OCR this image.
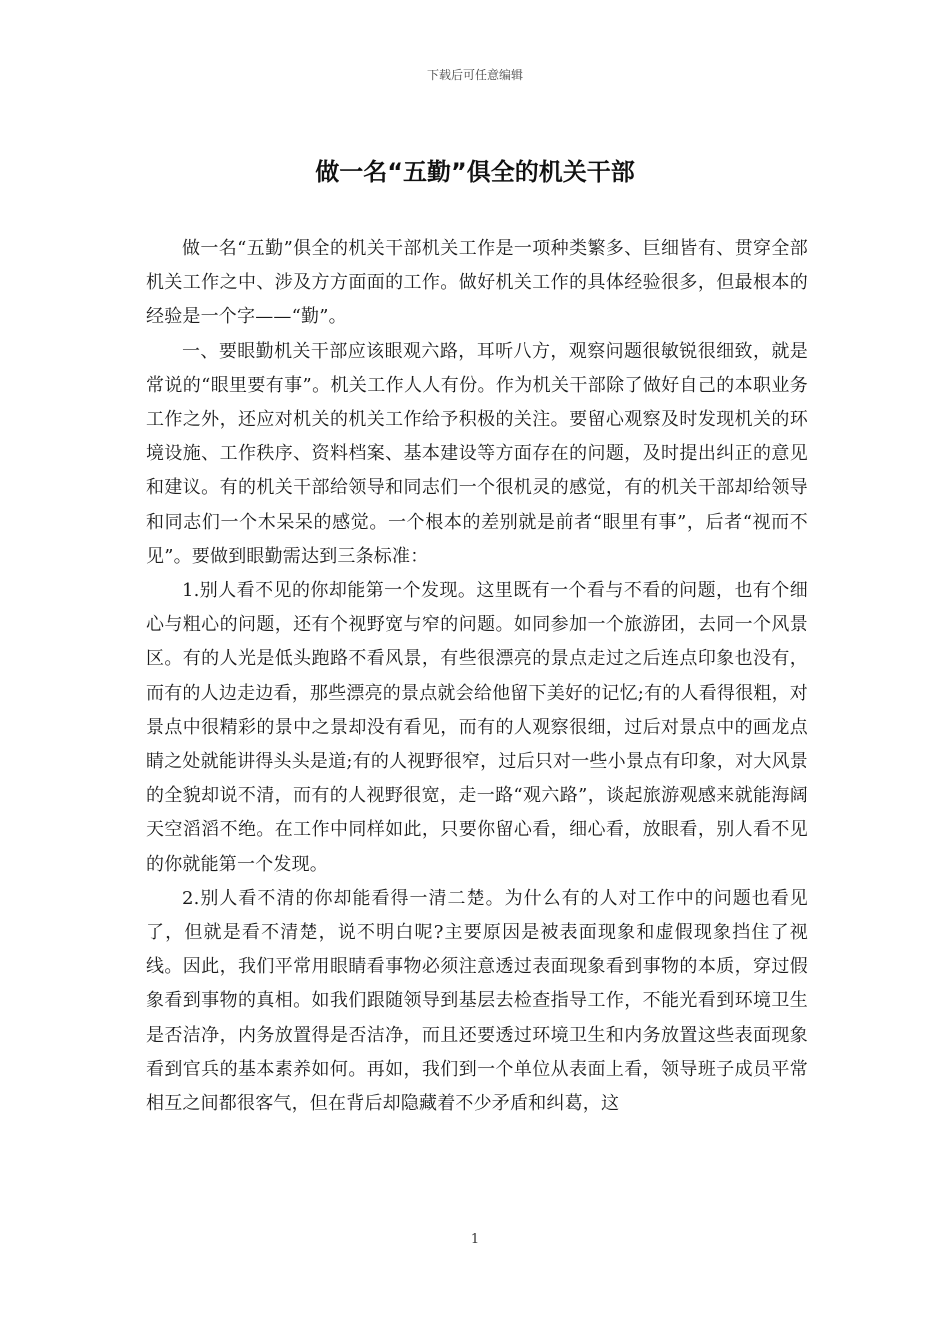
下载后可任意编辑
做一名“五勤”俱全的机关干部

做一名“五勤”俱全的机关干部机关工作是一项种类繁多、巨细皆有、贯穿全部机关工作之中、涉及方方面面的工作。做好机关工作的具体经验很多，但最根本的经验是一个字——“勤”。

一、要眼勤机关干部应该眼观六路，耳听八方，观察问题很敏锐很细致，就是常说的“眼里要有事”。机关工作人人有份。作为机关干部除了做好自己的本职业务工作之外，还应对机关的机关工作给予积极的关注。要留心观察及时发现机关的环境设施、工作秩序、资料档案、基本建设等方面存在的问题，及时提出纠正的意见和建议。有的机关干部给领导和同志们一个很机灵的感觉，有的机关干部却给领导和同志们一个木呆呆的感觉。一个根本的差别就是前者“眼里有事”，后者“视而不见”。要做到眼勤需达到三条标准：

1.别人看不见的你却能第一个发现。这里既有一个看与不看的问题，也有个细心与粗心的问题，还有个视野宽与窄的问题。如同参加一个旅游团，去同一个风景区。有的人光是低头跑路不看风景，有些很漂亮的景点走过之后连点印象也没有，而有的人边走边看，那些漂亮的景点就会给他留下美好的记忆;有的人看得很粗，对景点中很精彩的景中之景却没有看见，而有的人观察很细，过后对景点中的画龙点睛之处就能讲得头头是道;有的人视野很窄，过后只对一些小景点有印象，对大风景的全貌却说不清，而有的人视野很宽，走一路“观六路”，谈起旅游观感来就能海阔天空滔滔不绝。在工作中同样如此，只要你留心看，细心看，放眼看，别人看不见的你就能第一个发现。

2.别人看不清的你却能看得一清二楚。为什么有的人对工作中的问题也看见了，但就是看不清楚，说不明白呢?主要原因是被表面现象和虚假现象挡住了视线。因此，我们平常用眼睛看事物必须注意透过表面现象看到事物的本质，穿过假象看到事物的真相。如我们跟随领导到基层去检查指导工作，不能光看到环境卫生是否洁净，内务放置得是否洁净，而且还要透过环境卫生和内务放置这些表面现象看到官兵的基本素养如何。再如，我们到一个单位从表面上看，领导班子成员平常相互之间都很客气，但在背后却隐藏着不少矛盾和纠葛，这

1
